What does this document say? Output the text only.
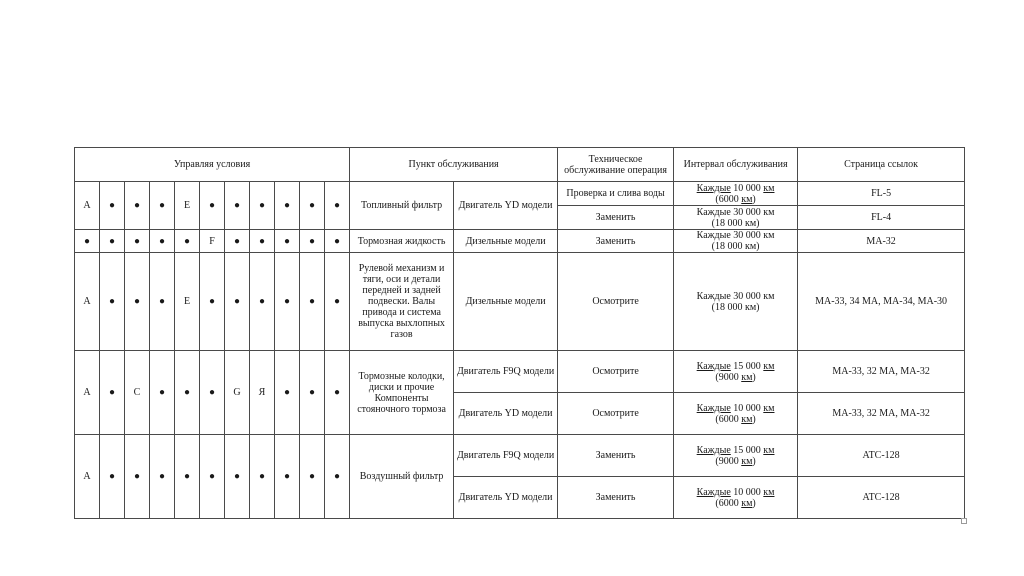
Управляя условия											Пункт обслуживания		Техническое обслуживание операция	Интервал обслуживания	Страница ссылок
А	●	●	●	E	●	●	●	●	●	●	Топливный фильтр	Двигатель YD модели	Проверка и слива воды	Каждые 10 000 км
(6000 км)	FL-5
													Заменить	Каждые 30 000 км
(18 000 км)	FL-4
●	●	●	●	●	F	●	●	●	●	●	Тормозная жидкость	Дизельные модели	Заменить	Каждые 30 000 км
(18 000 км)	MA-32
А	●	●	●	E	●	●	●	●	●	●	Рулевой механизм и тяги, оси и детали передней и задней подвески. Валы привода и система выпуска выхлопных газов	Дизельные модели	Осмотрите	Каждые 30 000 км
(18 000 км)	MA-33, 34 MA, MA-34, MA-30
А	●	C	●	●	●	G	Я	●	●	●	Тормозные колодки, диски и прочие Компоненты стояночного тормоза	Двигатель F9Q модели	Осмотрите	Каждые 15 000 км
(9000 км)	MA-33, 32 MA, MA-32
												Двигатель YD модели	Осмотрите	Каждые 10 000 км
(6000 км)	MA-33, 32 MA, MA-32
А	●	●	●	●	●	●	●	●	●	●	Воздушный фильтр	Двигатель F9Q модели	Заменить	Каждые 15 000 км
(9000 км)	ATC-128
												Двигатель YD модели	Заменить	Каждые 10 000 км
(6000 км)	ATC-128
